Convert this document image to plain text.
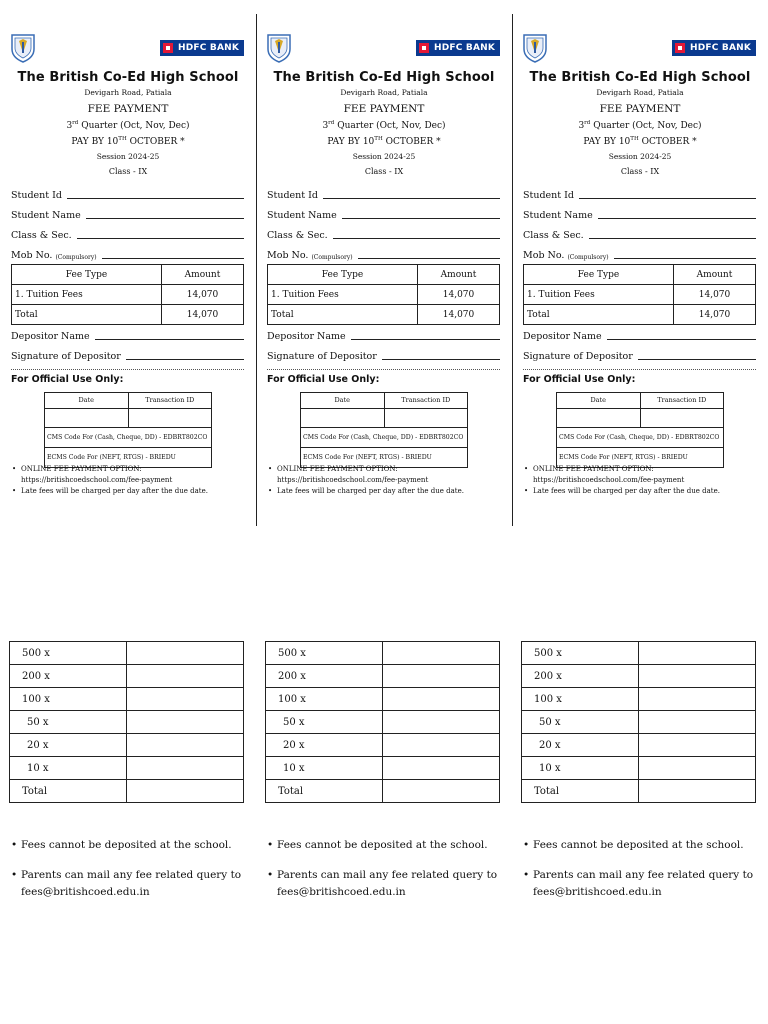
HDFC BANK
The British Co-Ed High School
Devigarh Road, Patiala
FEE PAYMENT
3rd Quarter (Oct, Nov, Dec)
PAY BY 10TH OCTOBER *
Session 2024-25
Class - IX
Student Id
Student Name
Class & Sec.
Mob No. (Compulsory)
Fee Type	Amount
1. Tuition Fees	14,070
Total	14,070
Depositor Name
Signature of Depositor
For Official Use Only:
Date	Transaction ID
CMS Code For (Cash, Cheque, DD) - EDBRT802CO
ECMS Code For (NEFT, RTGS) - BRIEDU
• ONLINE FEE PAYMENT OPTION:
https://britishcoedschool.com/fee-payment
• Late fees will be charged per day after the due date.
500 x	
200 x	
100 x	
50 x	
20 x	
10 x	
Total	
• Fees cannot be deposited at the school.
• Parents can mail any fee related query to fees@britishcoed.edu.in
HDFC BANK
The British Co-Ed High School
Devigarh Road, Patiala
FEE PAYMENT
3rd Quarter (Oct, Nov, Dec)
PAY BY 10TH OCTOBER *
Session 2024-25
Class - IX
Student Id
Student Name
Class & Sec.
Mob No. (Compulsory)
Fee Type	Amount
1. Tuition Fees	14,070
Total	14,070
Depositor Name
Signature of Depositor
For Official Use Only:
Date	Transaction ID
CMS Code For (Cash, Cheque, DD) - EDBRT802CO
ECMS Code For (NEFT, RTGS) - BRIEDU
• ONLINE FEE PAYMENT OPTION:
https://britishcoedschool.com/fee-payment
• Late fees will be charged per day after the due date.
500 x	
200 x	
100 x	
50 x	
20 x	
10 x	
Total	
• Fees cannot be deposited at the school.
• Parents can mail any fee related query to fees@britishcoed.edu.in
HDFC BANK
The British Co-Ed High School
Devigarh Road, Patiala
FEE PAYMENT
3rd Quarter (Oct, Nov, Dec)
PAY BY 10TH OCTOBER *
Session 2024-25
Class - IX
Student Id
Student Name
Class & Sec.
Mob No. (Compulsory)
Fee Type	Amount
1. Tuition Fees	14,070
Total	14,070
Depositor Name
Signature of Depositor
For Official Use Only:
Date	Transaction ID
CMS Code For (Cash, Cheque, DD) - EDBRT802CO
ECMS Code For (NEFT, RTGS) - BRIEDU
• ONLINE FEE PAYMENT OPTION:
https://britishcoedschool.com/fee-payment
• Late fees will be charged per day after the due date.
500 x	
200 x	
100 x	
50 x	
20 x	
10 x	
Total	
• Fees cannot be deposited at the school.
• Parents can mail any fee related query to fees@britishcoed.edu.in
